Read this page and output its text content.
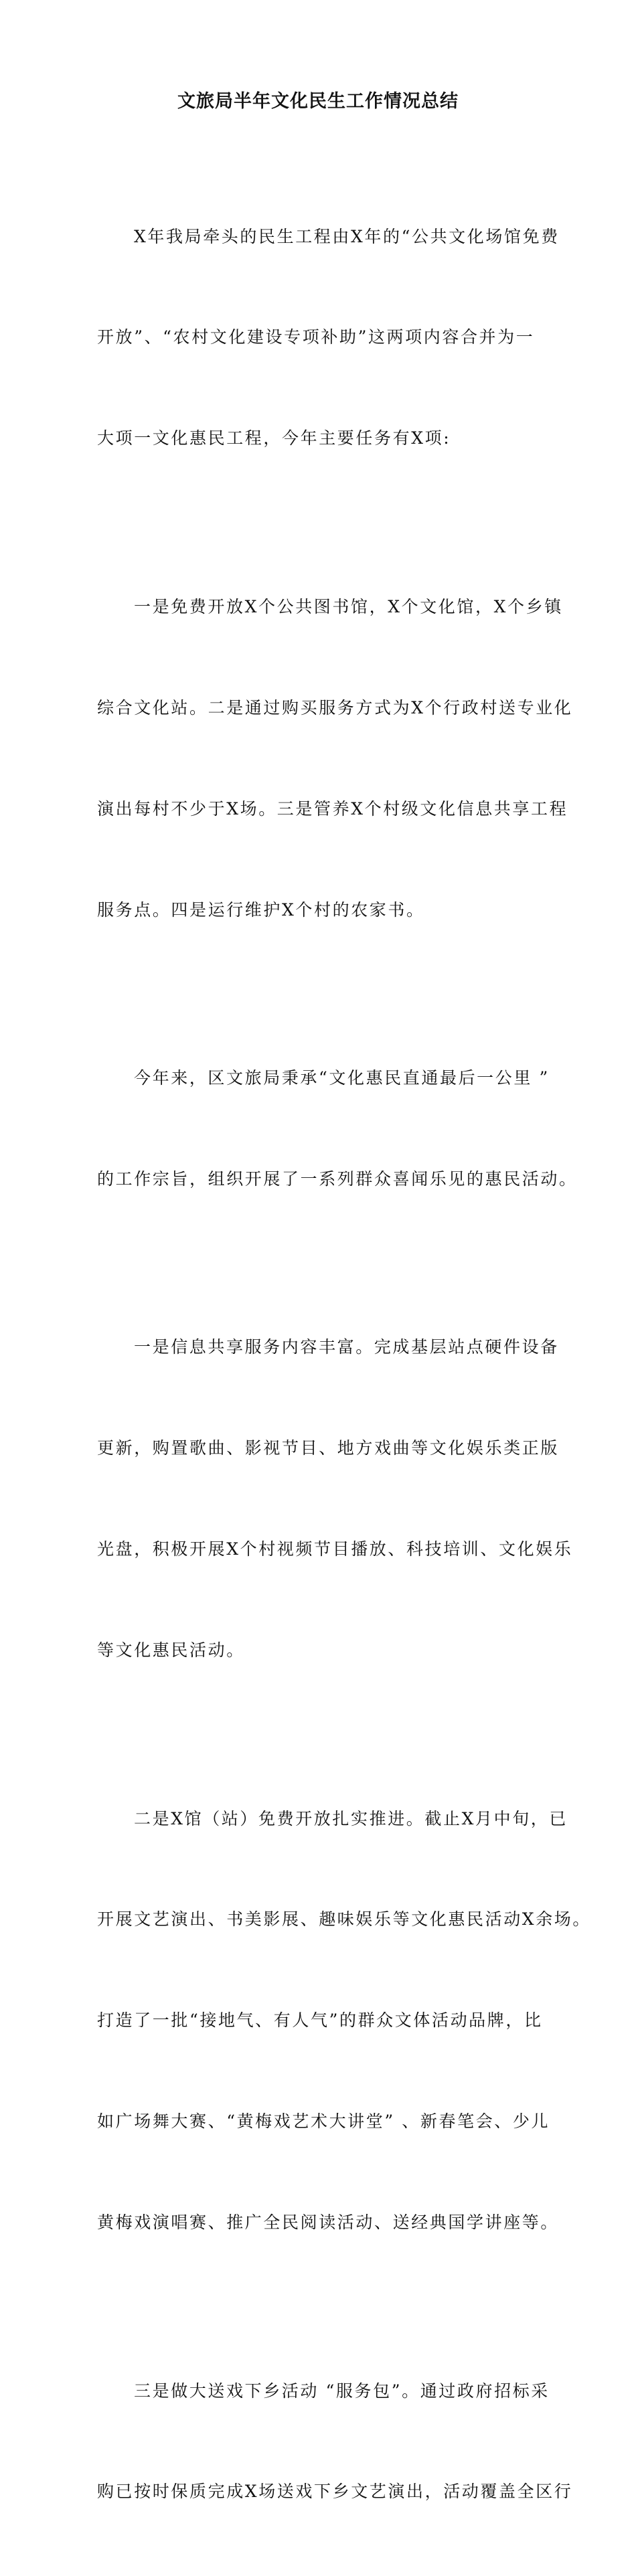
文旅局半年文化民生工作情况总结

X年我局牵头的民生工程由X年的“公共文化场馆免费

开放”、“农村文化建设专项补助”这两项内容合并为一

大项一文化惠民工程，今年主要任务有X项:

一是免费开放X个公共图书馆，X个文化馆，X个乡镇

综合文化站。二是通过购买服务方式为X个行政村送专业化

演出每村不少于X场。三是管养X个村级文化信息共享工程

服务点。四是运行维护X个村的农家书。

今年来，区文旅局秉承“文化惠民直通最后一公里 ”

的工作宗旨，组织开展了一系列群众喜闻乐见的惠民活动。

一是信息共享服务内容丰富。完成基层站点硬件设备

更新，购置歌曲、影视节目、地方戏曲等文化娱乐类正版

光盘，积极开展X个村视频节目播放、科技培训、文化娱乐

等文化惠民活动。

二是X馆（站）免费开放扎实推进。截止X月中旬，已

开展文艺演出、书美影展、趣味娱乐等文化惠民活动X余场。

打造了一批“接地气、有人气”的群众文体活动品牌，比

如广场舞大赛、“黄梅戏艺术大讲堂” 、新春笔会、少儿

黄梅戏演唱赛、推广全民阅读活动、送经典国学讲座等。

三是做大送戏下乡活动 “服务包”。通过政府招标采

购已按时保质完成X场送戏下乡文艺演出，活动覆盖全区行
